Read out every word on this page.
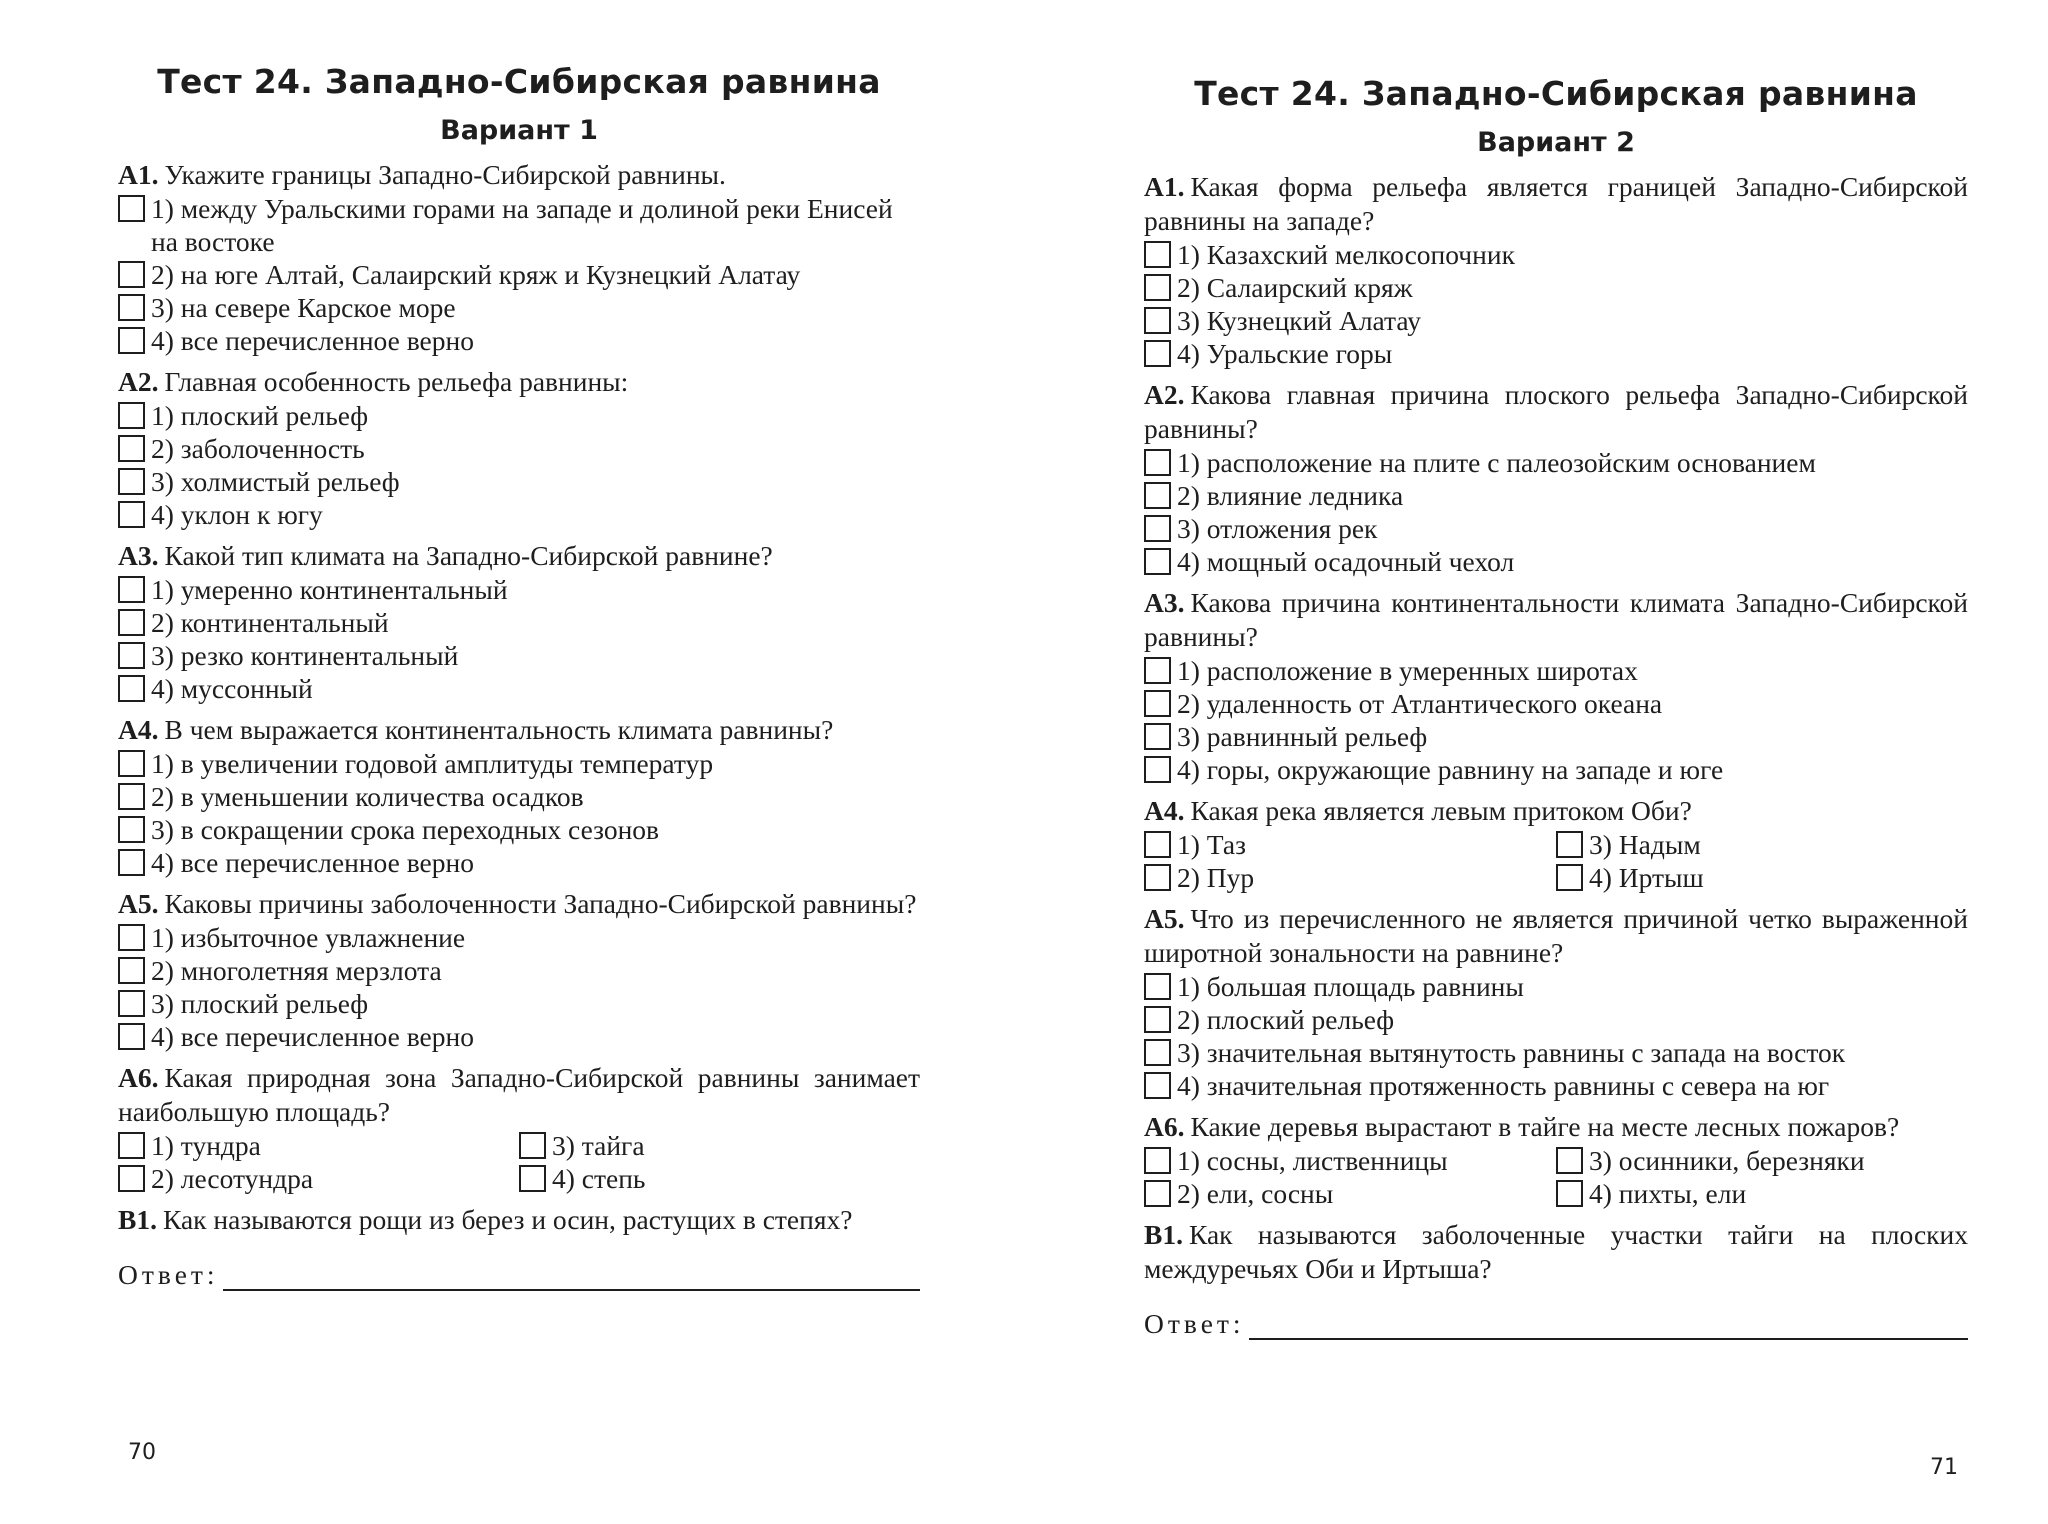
Тест 24. Западно-Сибирская равнина
Вариант 1
А1. Укажите границы Западно-Сибирской равнины.
1) между Уральскими горами на западе и долиной реки Енисей на востоке
2) на юге Алтай, Салаирский кряж и Кузнецкий Алатау
3) на севере Карское море
4) все перечисленное верно
А2. Главная особенность рельефа равнины:
1) плоский рельеф
2) заболоченность
3) холмистый рельеф
4) уклон к югу
А3. Какой тип климата на Западно-Сибирской равнине?
1) умеренно континентальный
2) континентальный
3) резко континентальный
4) муссонный
А4. В чем выражается континентальность климата равнины?
1) в увеличении годовой амплитуды температур
2) в уменьшении количества осадков
3) в сокращении срока переходных сезонов
4) все перечисленное верно
А5. Каковы причины заболоченности Западно-Сибирской равнины?
1) избыточное увлажнение
2) многолетняя мерзлота
3) плоский рельеф
4) все перечисленное верно
А6. Какая природная зона Западно-Сибирской равнины занимает наибольшую площадь?
1) тундра	3) тайга
2) лесотундра	4) степь
В1. Как называются рощи из берез и осин, растущих в степях?
Ответ:
70
Тест 24. Западно-Сибирская равнина
Вариант 2
А1. Какая форма рельефа является границей Западно-Сибирской равнины на западе?
1) Казахский мелкосопочник
2) Салаирский кряж
3) Кузнецкий Алатау
4) Уральские горы
А2. Какова главная причина плоского рельефа Западно-Сибирской равнины?
1) расположение на плите с палеозойским основанием
2) влияние ледника
3) отложения рек
4) мощный осадочный чехол
А3. Какова причина континентальности климата Западно-Сибирской равнины?
1) расположение в умеренных широтах
2) удаленность от Атлантического океана
3) равнинный рельеф
4) горы, окружающие равнину на западе и юге
А4. Какая река является левым притоком Оби?
1) Таз	3) Надым
2) Пур	4) Иртыш
А5. Что из перечисленного не является причиной четко выраженной широтной зональности на равнине?
1) большая площадь равнины
2) плоский рельеф
3) значительная вытянутость равнины с запада на восток
4) значительная протяженность равнины с севера на юг
А6. Какие деревья вырастают в тайге на месте лесных пожаров?
1) сосны, лиственницы	3) осинники, березняки
2) ели, сосны	4) пихты, ели
В1. Как называются заболоченные участки тайги на плоских междуречьях Оби и Иртыша?
Ответ:
71
